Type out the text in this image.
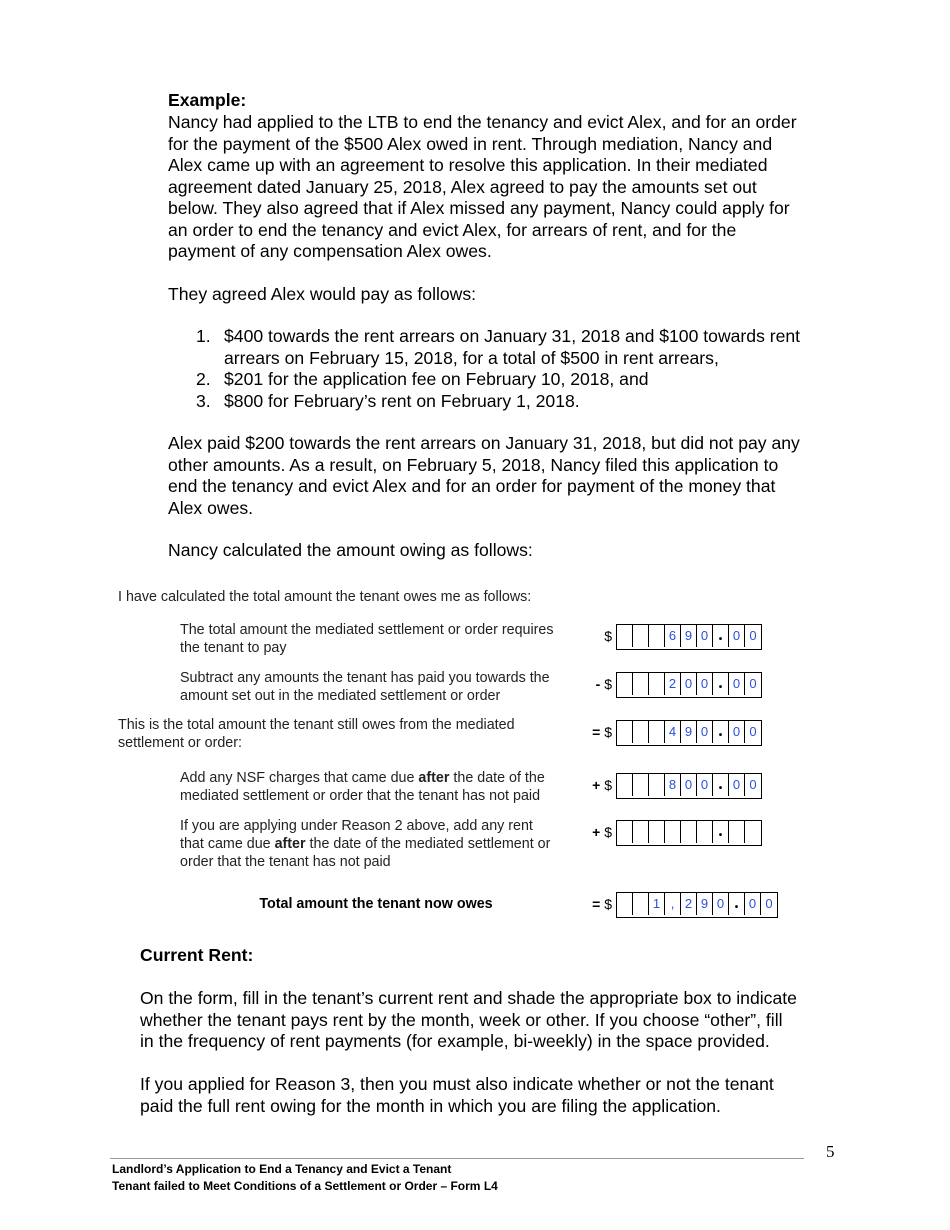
Example:
Nancy had applied to the LTB to end the tenancy and evict Alex, and for an order
for the payment of the $500 Alex owed in rent. Through mediation, Nancy and
Alex came up with an agreement to resolve this application. In their mediated
agreement dated January 25, 2018, Alex agreed to pay the amounts set out
below. They also agreed that if Alex missed any payment, Nancy could apply for
an order to end the tenancy and evict Alex, for arrears of rent, and for the
payment of any compensation Alex owes.
They agreed Alex would pay as follows:
1. $400 towards the rent arrears on January 31, 2018 and $100 towards rent
arrears on February 15, 2018, for a total of $500 in rent arrears,
2. $201 for the application fee on February 10, 2018, and
3. $800 for February’s rent on February 1, 2018.
Alex paid $200 towards the rent arrears on January 31, 2018, but did not pay any
other amounts. As a result, on February 5, 2018, Nancy filed this application to
end the tenancy and evict Alex and for an order for payment of the money that
Alex owes.
Nancy calculated the amount owing as follows:
I have calculated the total amount the tenant owes me as follows:
The total amount the mediated settlement or order requires
the tenant to pay
$	6 9 0	• 0 0
Subtract any amounts the tenant has paid you towards the
amount set out in the mediated settlement or order
- $	2 0 0	• 0 0
This is the total amount the tenant still owes from the mediated
settlement or order:
= $	4 9 0	• 0 0
Add any NSF charges that came due after the date of the
mediated settlement or order that the tenant has not paid
+ $	8 0 0	• 0 0
If you are applying under Reason 2 above, add any rent
that came due after the date of the mediated settlement or
order that the tenant has not paid
+ $	•
Total amount the tenant now owes	= $	1 , 2 9 0	• 0 0
Current Rent:
On the form, fill in the tenant’s current rent and shade the appropriate box to indicate
whether the tenant pays rent by the month, week or other. If you choose “other”, fill
in the frequency of rent payments (for example, bi-weekly) in the space provided.
If you applied for Reason 3, then you must also indicate whether or not the tenant
paid the full rent owing for the month in which you are filing the application.
5
Landlord’s Application to End a Tenancy and Evict a Tenant
Tenant failed to Meet Conditions of a Settlement or Order – Form L4
